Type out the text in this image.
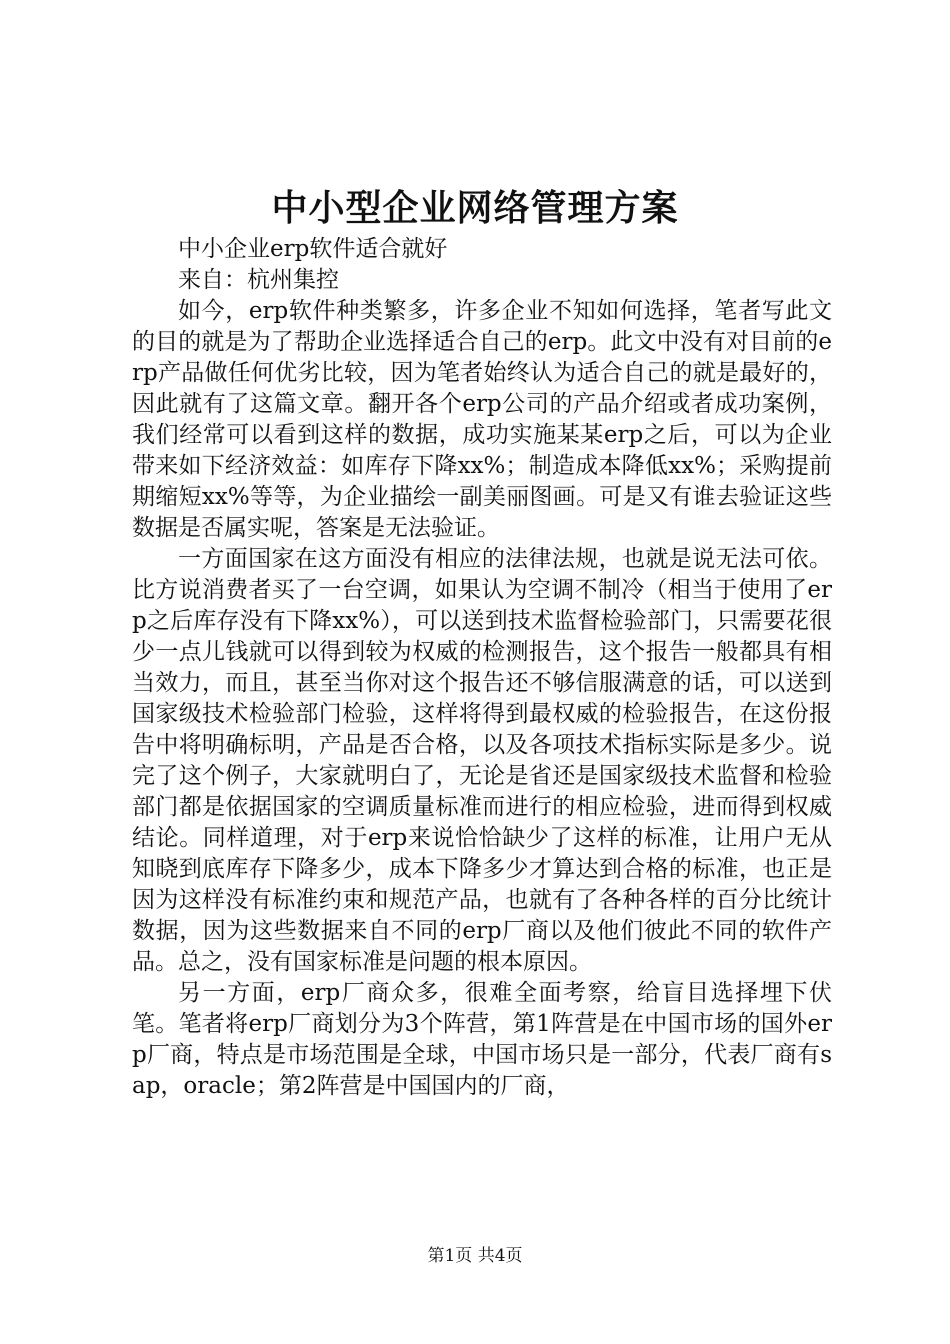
中小型企业网络管理方案

中小企业erp软件适合就好

来自：杭州集控

如今，erp软件种类繁多，许多企业不知如何选择，笔者写此文的目的就是为了帮助企业选择适合自己的erp。此文中没有对目前的erp产品做任何优劣比较，因为笔者始终认为适合自己的就是最好的，因此就有了这篇文章。翻开各个erp公司的产品介绍或者成功案例，我们经常可以看到这样的数据，成功实施某某erp之后，可以为企业带来如下经济效益：如库存下降xx%；制造成本降低xx%；采购提前期缩短xx%等等，为企业描绘一副美丽图画。可是又有谁去验证这些数据是否属实呢，答案是无法验证。

一方面国家在这方面没有相应的法律法规，也就是说无法可依。比方说消费者买了一台空调，如果认为空调不制冷（相当于使用了erp之后库存没有下降xx%），可以送到技术监督检验部门，只需要花很少一点儿钱就可以得到较为权威的检测报告，这个报告一般都具有相当效力，而且，甚至当你对这个报告还不够信服满意的话，可以送到国家级技术检验部门检验，这样将得到最权威的检验报告，在这份报告中将明确标明，产品是否合格，以及各项技术指标实际是多少。说完了这个例子，大家就明白了，无论是省还是国家级技术监督和检验部门都是依据国家的空调质量标准而进行的相应检验，进而得到权威结论。同样道理，对于erp来说恰恰缺少了这样的标准，让用户无从知晓到底库存下降多少，成本下降多少才算达到合格的标准，也正是因为这样没有标准约束和规范产品，也就有了各种各样的百分比统计数据，因为这些数据来自不同的erp厂商以及他们彼此不同的软件产品。总之，没有国家标准是问题的根本原因。

另一方面，erp厂商众多，很难全面考察，给盲目选择埋下伏笔。笔者将erp厂商划分为3个阵营，第1阵营是在中国市场的国外erp厂商，特点是市场范围是全球，中国市场只是一部分，代表厂商有sap，oracle；第2阵营是中国国内的厂商，

第1页 共4页
